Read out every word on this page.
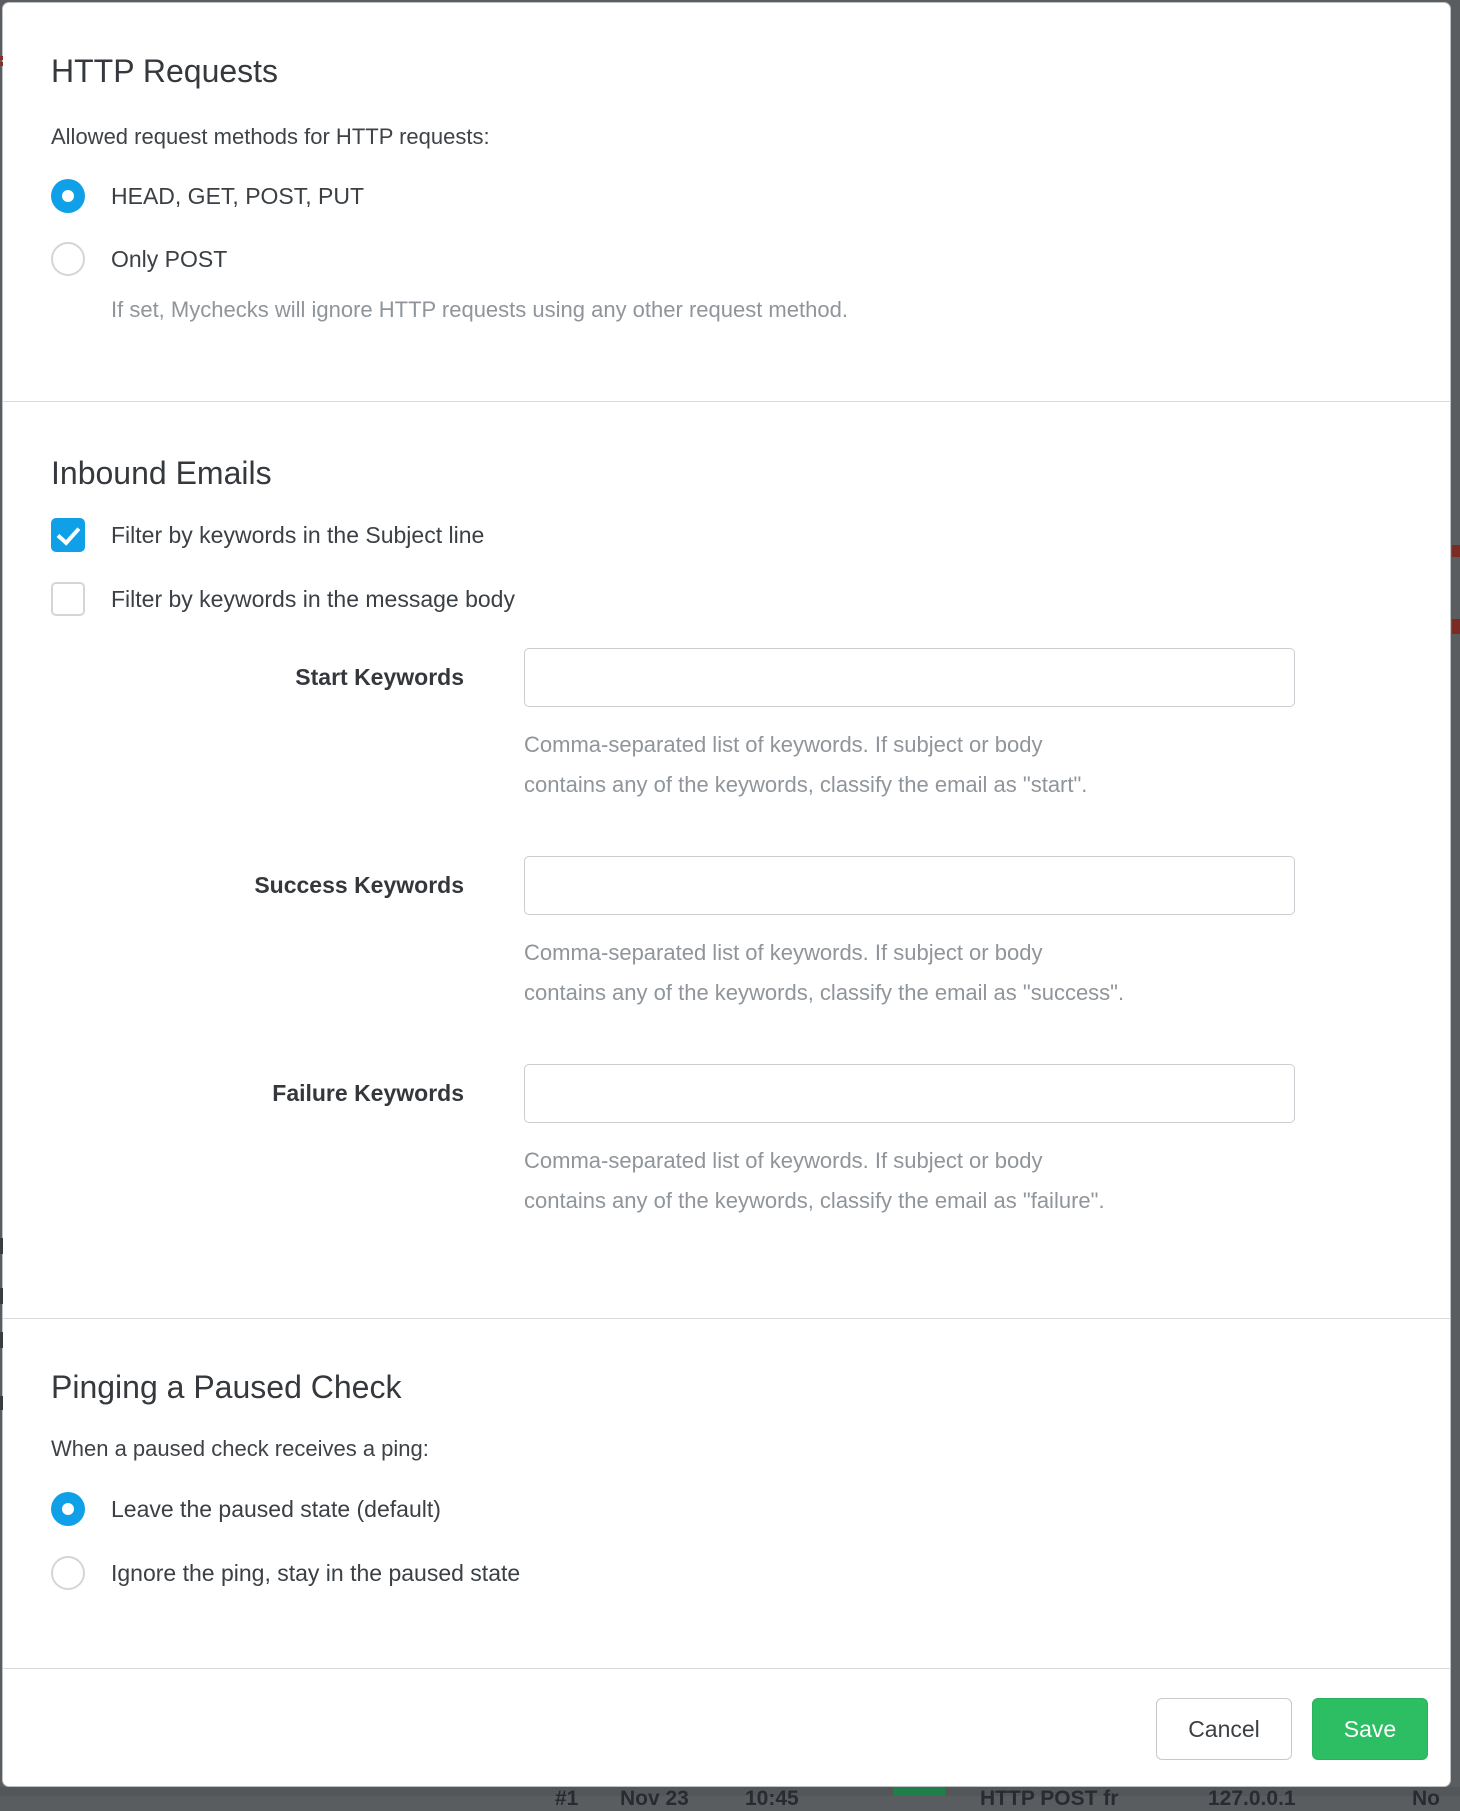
HTTP Requests
Allowed request methods for HTTP requests:
HEAD, GET, POST, PUT
Only POST
If set, Mychecks will ignore HTTP requests using any other request method.
Inbound Emails
Filter by keywords in the Subject line
Filter by keywords in the message body
Start Keywords
Comma-separated list of keywords. If subject or body
contains any of the keywords, classify the email as "start".
Success Keywords
Comma-separated list of keywords. If subject or body
contains any of the keywords, classify the email as "success".
Failure Keywords
Comma-separated list of keywords. If subject or body
contains any of the keywords, classify the email as "failure".
Pinging a Paused Check
When a paused check receives a ping:
Leave the paused state (default)
Ignore the ping, stay in the paused state
Cancel	Save
#1 Nov 23	10:45	HTTP POST fr	127.0.0.1	No
